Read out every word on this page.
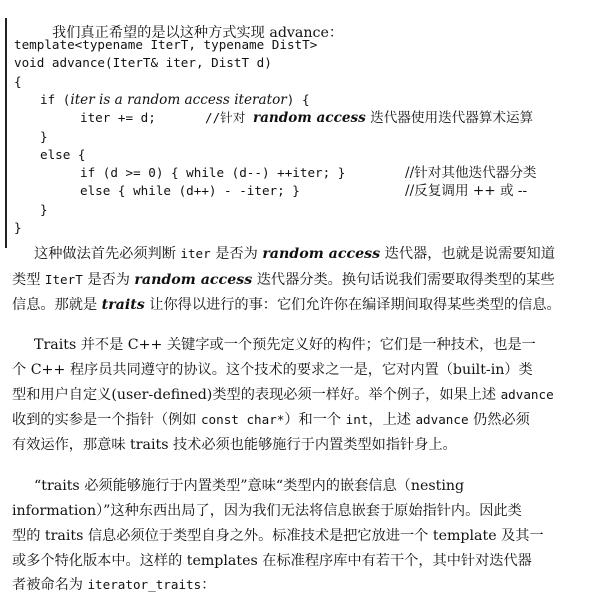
我们真正希望的是以这种方式实现 advance：

template<typename IterT, typename DistT>
void advance(IterT& iter, DistT d)
{
if (iter is a random access iterator) {
iter += d;	//针对 random access 迭代器使用迭代器算术运算
}
else {
if (d >= 0) { while (d--) ++iter; }	//针对其他迭代器分类
else { while (d++) - -iter; }	//反复调用 ++ 或 --
}
}
这种做法首先必须判断 iter 是否为 random access 迭代器，也就是说需要知道
类型 IterT 是否为 random access 迭代器分类。换句话说我们需要取得类型的某些
信息。那就是 traits 让你得以进行的事：它们允许你在编译期间取得某些类型的信息。
Traits 并不是 C++ 关键字或一个预先定义好的构件；它们是一种技术，也是一
个 C++ 程序员共同遵守的协议。这个技术的要求之一是，它对内置（built-in）类
型和用户自定义(user-defined)类型的表现必须一样好。举个例子，如果上述 advance
收到的实参是一个指针（例如 const char*）和一个 int，上述 advance 仍然必须
有效运作，那意味 traits 技术必须也能够施行于内置类型如指针身上。
“traits 必须能够施行于内置类型”意味“类型内的嵌套信息（nesting
information）”这种东西出局了，因为我们无法将信息嵌套于原始指针内。因此类
型的 traits 信息必须位于类型自身之外。标准技术是把它放进一个 template 及其一
或多个特化版本中。这样的 templates 在标准程序库中有若干个，其中针对迭代器
者被命名为 iterator_traits：
